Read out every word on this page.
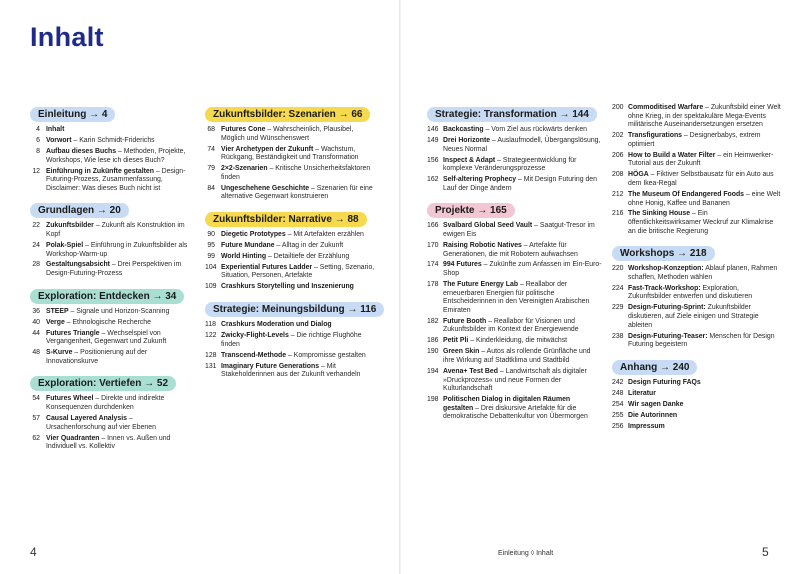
Inhalt
Einleitung → 4
4 Inhalt
6 Vorwort – Karin Schmidt-Friderichs
8 Aufbau dieses Buchs – Methoden, Projekte, Workshops, Wie lese ich dieses Buch?
12 Einführung in Zukünfte gestalten – Design-Futuring-Prozess, Zusammenfassung, Disclaimer: Was dieses Buch nicht ist
Grundlagen → 20
22 Zukunftsbilder – Zukunft als Konstruktion im Kopf
24 Polak-Spiel – Einführung in Zukunftsbilder als Workshop-Warm-up
28 Gestaltungsabsicht – Drei Perspektiven im Design-Futuring-Prozess
Exploration: Entdecken → 34
36 STEEP – Signale und Horizon-Scanning
40 Verge – Ethnologische Recherche
44 Futures Triangle – Wechselspiel von Vergangenheit, Gegenwart und Zukunft
48 S-Kurve – Positionierung auf der Innovationskurve
Exploration: Vertiefen → 52
54 Futures Wheel – Direkte und indirekte Konsequenzen durchdenken
57 Causal Layered Analysis – Ursachenforschung auf vier Ebenen
62 Vier Quadranten – Innen vs. Außen und Individuell vs. Kollektiv
Zukunftsbilder: Szenarien → 66
68 Futures Cone – Wahrscheinlich, Plausibel, Möglich und Wünschenswert
74 Vier Archetypen der Zukunft – Wachstum, Rückgang, Beständigkeit und Transformation
79 2×2-Szenarien – Kritische Unsicherheitsfaktoren finden
84 Ungeschehene Geschichte – Szenarien für eine alternative Gegenwart konstruieren
Zukunftsbilder: Narrative → 88
90 Diegetic Prototypes – Mit Artefakten erzählen
95 Future Mundane – Alltag in der Zukunft
99 World Hinting – Detailtiefe der Erzählung
104 Experiential Futures Ladder – Setting, Szenario, Situation, Personen, Artefakte
109 Crashkurs Storytelling und Inszenierung
Strategie: Meinungsbildung → 116
118 Crashkurs Moderation und Dialog
122 Zwicky-Flight-Levels – Die richtige Flughöhe finden
128 Transcend-Methode – Kompromisse gestalten
131 Imaginary Future Generations – Mit Stakeholderinnen aus der Zukunft verhandeln
Strategie: Transformation → 144
146 Backcasting – Vom Ziel aus rückwärts denken
149 Drei Horizonte – Auslaufmodell, Übergangslösung, Neues Normal
156 Inspect & Adapt – Strategieentwicklung für komplexe Veränderungsprozesse
162 Self-altering Prophecy – Mit Design Futuring den Lauf der Dinge ändern
Projekte → 165
166 Svalbard Global Seed Vault – Saatgut-Tresor im ewigen Eis
170 Raising Robotic Natives – Artefakte für Generationen, die mit Robotern aufwachsen
174 994 Futures – Zukünfte zum Anfassen im Ein-Euro-Shop
178 The Future Energy Lab – Reallabor der erneuerbaren Energien für politische Entscheiderinnen in den Vereinigten Arabischen Emiraten
182 Future Booth – Reallabor für Visionen und Zukunftsbilder im Kontext der Energiewende
186 Petit Pli – Kinderkleidung, die mitwächst
190 Green Skin – Autos als rollende Grünfläche und ihre Wirkung auf Stadtklima und Stadtbild
194 Avena+ Test Bed – Landwirtschaft als digitaler »Druckprozess« und neue Formen der Kulturlandschaft
198 Politischen Dialog in digitalen Räumen gestalten – Drei diskursive Artefakte für die demokratische Debattenkultur von Übermorgen
200 Commoditised Warfare – Zukunftsbild einer Welt ohne Krieg, in der spektakuläre Mega-Events militärische Auseinandersetzungen ersetzen
202 Transfigurations – Designerbabys, extrem optimiert
206 How to Build a Water Filter – ein Heimwerker-Tutorial aus der Zukunft
208 HÖGA – Fiktiver Selbstbausatz für ein Auto aus dem Ikea-Regal
212 The Museum Of Endangered Foods – eine Welt ohne Honig, Kaffee und Bananen
216 The Sinking House – Ein öffentlichkeitswirksamer Weckruf zur Klimakrise an die britische Regierung
Workshops → 218
220 Workshop-Konzeption: Ablauf planen, Rahmen schaffen, Methoden wählen
224 Fast-Track-Workshop: Exploration, Zukunftsbilder entwerfen und diskutieren
229 Design-Futuring-Sprint: Zukunftsbilder diskutieren, auf Ziele einigen und Strategie ableiten
238 Design-Futuring-Teaser: Menschen für Design Futuring begeistern
Anhang → 240
242 Design Futuring FAQs
248 Literatur
254 Wir sagen Danke
255 Die Autorinnen
256 Impressum
4	Einleitung ◊ Inhalt	5
